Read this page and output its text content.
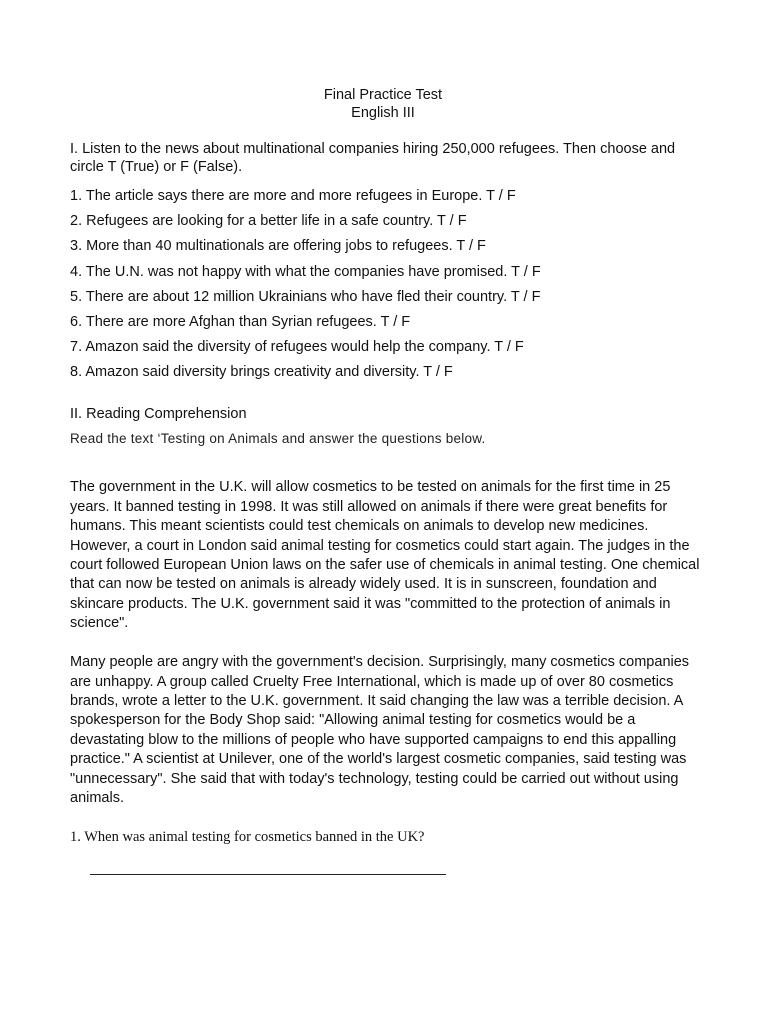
Final Practice Test
English III
I. Listen to the news about multinational companies hiring 250,000 refugees. Then choose and circle T (True) or F (False).
1. The article says there are more and more refugees in Europe. T / F
2. Refugees are looking for a better life in a safe country. T / F
3. More than 40 multinationals are offering jobs to refugees. T / F
4. The U.N. was not happy with what the companies have promised. T / F
5. There are about 12 million Ukrainians who have fled their country. T / F
6. There are more Afghan than Syrian refugees. T / F
7. Amazon said the diversity of refugees would help the company. T / F
8. Amazon said diversity brings creativity and diversity. T / F
II. Reading Comprehension
Read the text ‘Testing on Animals and answer the questions below.

The government in the U.K. will allow cosmetics to be tested on animals for the first time in 25 years. It banned testing in 1998. It was still allowed on animals if there were great benefits for humans. This meant scientists could test chemicals on animals to develop new medicines. However, a court in London said animal testing for cosmetics could start again. The judges in the court followed European Union laws on the safer use of chemicals in animal testing. One chemical that can now be tested on animals is already widely used. It is in sunscreen, foundation and skincare products. The U.K. government said it was "committed to the protection of animals in science".

Many people are angry with the government's decision. Surprisingly, many cosmetics companies are unhappy. A group called Cruelty Free International, which is made up of over 80 cosmetics brands, wrote a letter to the U.K. government. It said changing the law was a terrible decision. A spokesperson for the Body Shop said: "Allowing animal testing for cosmetics would be a devastating blow to the millions of people who have supported campaigns to end this appalling practice." A scientist at Unilever, one of the world's largest cosmetic companies, said testing was "unnecessary". She said that with today's technology, testing could be carried out without using animals.

1. When was animal testing for cosmetics banned in the UK?
